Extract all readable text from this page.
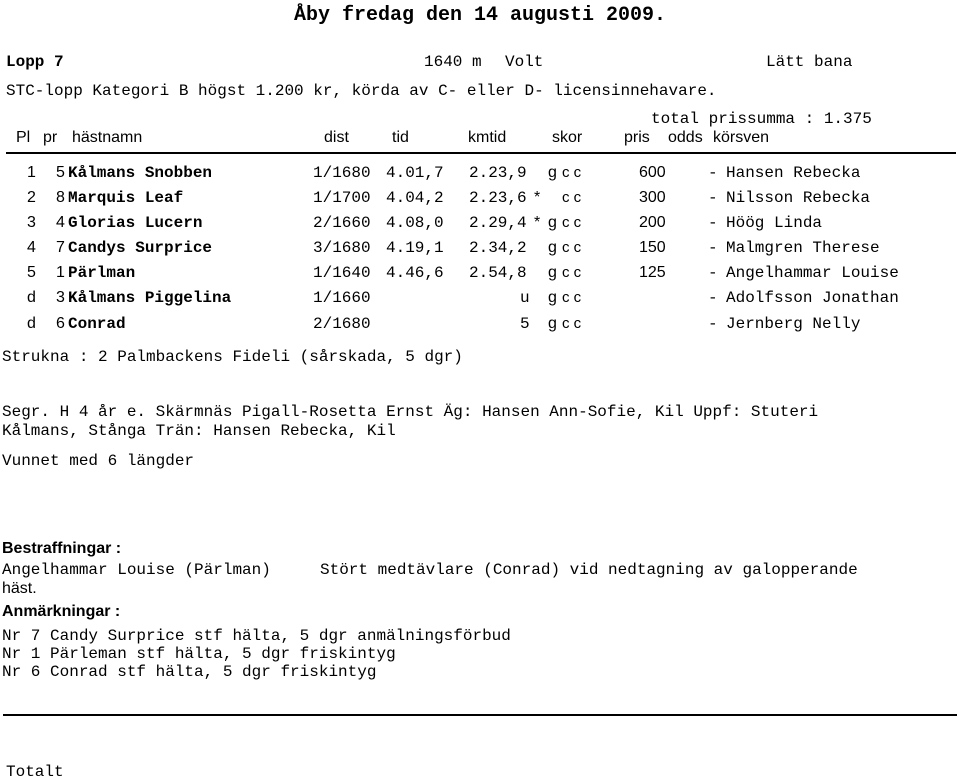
Åby fredag den 14 augusti 2009.
Lopp 7	1640 m Volt	Lätt bana
STC-lopp Kategori B högst 1.200 kr, körda av C- eller D- licensinnehavare.
total prissumma : 1.375
Pl pr hästnamn	dist	tid	kmtid	skor	pris odds körsven
1 5 Kålmans Snobben	1/1680 4.01,7 2.23,9 g c c	600	- Hansen Rebecka
2 8 Marquis Leaf	1/1700 4.04,2 2.23,6 * c c	300	- Nilsson Rebecka
3 4 Glorias Lucern	2/1660 4.08,0 2.29,4 * g c c	200	- Höög Linda
4 7 Candys Surprice	3/1680 4.19,1 2.34,2 g c c	150	- Malmgren Therese
5 1 Pärlman	1/1640 4.46,6 2.54,8 g c c	125	- Angelhammar Louise
d 3 Kålmans Piggelina	1/1660	u g c c	- Adolfsson Jonathan
d 6 Conrad	2/1680	5 g c c	- Jernberg Nelly
Strukna : 2 Palmbackens Fideli (sårskada, 5 dgr)
Segr. H 4 år e. Skärmnäs Pigall-Rosetta Ernst Äg: Hansen Ann-Sofie, Kil Uppf: Stuteri
Kålmans, Stånga Trän: Hansen Rebecka, Kil
Vunnet med 6 längder
Bestraffningar :
Angelhammar Louise (Pärlman)	Stört medtävlare (Conrad) vid nedtagning av galopperande
häst.
Anmärkningar :
Nr 7 Candy Surprice stf hälta, 5 dgr anmälningsförbud
Nr 1 Pärleman stf hälta, 5 dgr friskintyg
Nr 6 Conrad stf hälta, 5 dgr friskintyg
Totalt
